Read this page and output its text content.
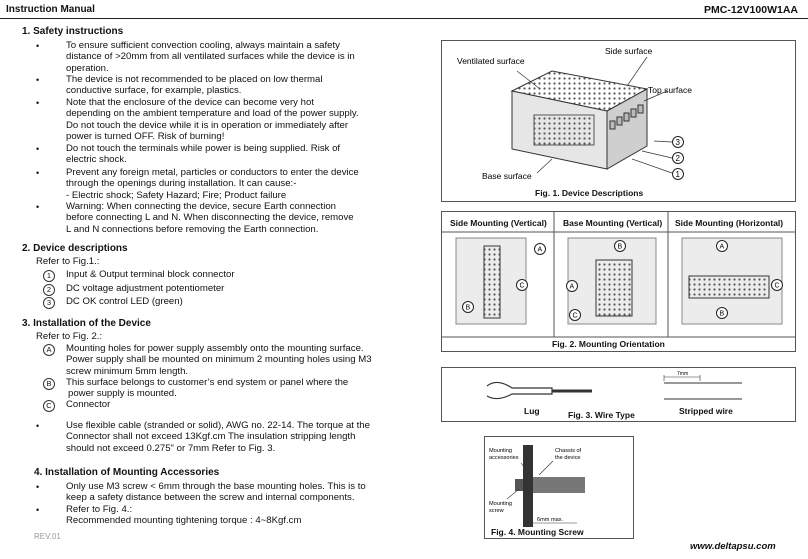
Instruction Manual	PMC-12V100W1AA
1. Safety instructions
•	To ensure sufficient convection cooling, always maintain a safety
distance of >20mm from all ventilated surfaces while the device is in
operation.
•	The device is not recommended to be placed on low thermal
conductive surface, for example, plastics.
•	Note that the enclosure of the device can become very hot
depending on the ambient temperature and load of the power supply.
Do not touch the device while it is in operation or immediately after
power is turned OFF. Risk of burning!
•	Do not touch the terminals while power is being supplied. Risk of
electric shock.
•	Prevent any foreign metal, particles or conductors to enter the device
through the openings during installation. It can cause:-
- Electric shock; Safety Hazard; Fire; Product failure
•	Warning: When connecting the device, secure Earth connection
before connecting L and N. When disconnecting the device, remove
L and N connections before removing the Earth connection.
2. Device descriptions
Refer to Fig.1.:
1	Input & Output terminal block connector
2	DC voltage adjustment potentiometer
3	DC OK control LED (green)
3. Installation of the Device
Refer to Fig. 2.:
A	Mounting holes for power supply assembly onto the mounting surface.
Power supply shall be mounted on minimum 2 mounting holes using M3
screw minimum 5mm length.
B	This surface belongs to customer’s end system or panel where the
power supply is mounted.
C	Connector
•	Use flexible cable (stranded or solid), AWG no. 22-14. The torque at the
Connector shall not exceed 13Kgf.cm The insulation stripping length
should not exceed 0.275" or 7mm Refer to Fig. 3.
4. Installation of Mounting Accessories
•	Only use M3 screw < 6mm through the base mounting holes. This is to
keep a safety distance between the screw and internal components.
•	Refer to Fig. 4.:
Recommended mounting tightening torque : 4~8Kgf.cm
REV.01
www.deltapsu.com
Ventilated surface
Side surface
Top surface
Base surface
3
2
1
Fig. 1. Device Descriptions
Side Mounting (Vertical) Base Mounting (Vertical) Side Mounting (Horizontal)
A
C
B
B
A
C
A
C
B
Fig. 2. Mounting Orientation
7mm
Lug	Fig. 3. Wire Type	Stripped wire
Mounting
accessories
Chassis of
the device
Mounting
screw
6mm max.
Fig. 4. Mounting Screw
